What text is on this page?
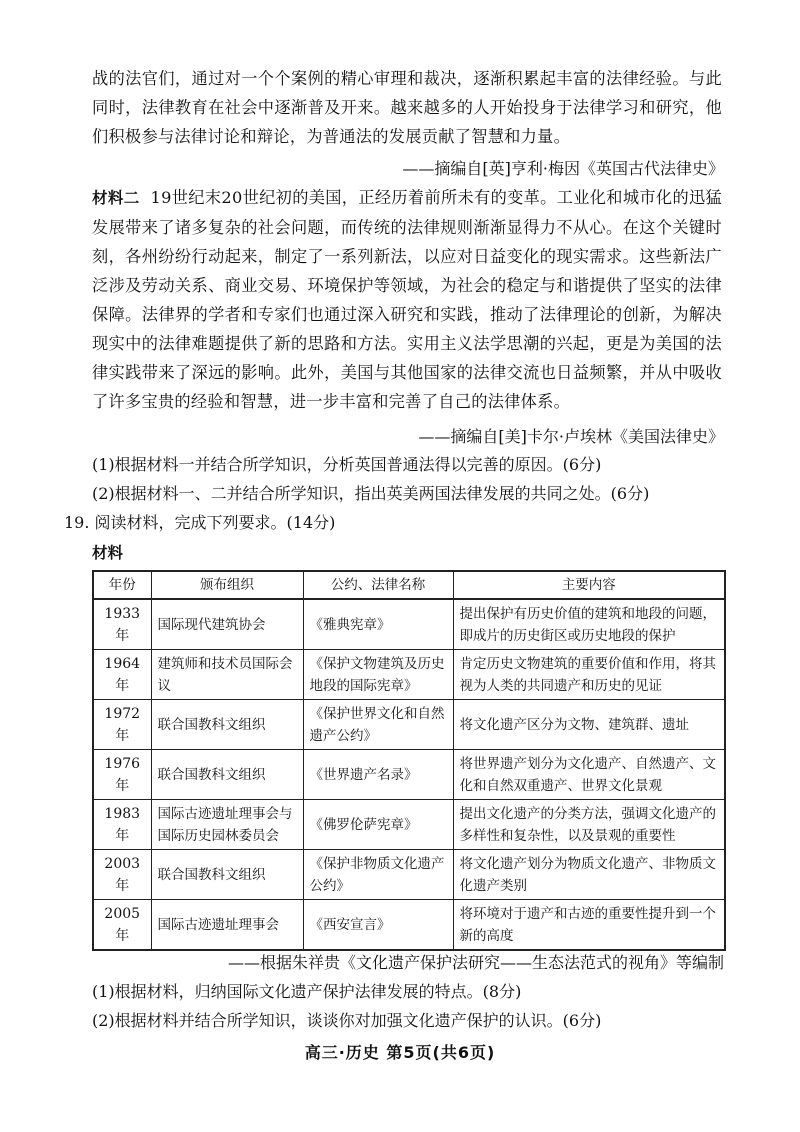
战的法官们，通过对一个个案例的精心审理和裁决，逐渐积累起丰富的法律经验。与此同时，法律教育在社会中逐渐普及开来。越来越多的人开始投身于法律学习和研究，他们积极参与法律讨论和辩论，为普通法的发展贡献了智慧和力量。
——摘编自[英]亨利·梅因《英国古代法律史》
材料二 19世纪末20世纪初的美国，正经历着前所未有的变革。工业化和城市化的迅猛发展带来了诸多复杂的社会问题，而传统的法律规则渐渐显得力不从心。在这个关键时刻，各州纷纷行动起来，制定了一系列新法，以应对日益变化的现实需求。这些新法广泛涉及劳动关系、商业交易、环境保护等领域，为社会的稳定与和谐提供了坚实的法律保障。法律界的学者和专家们也通过深入研究和实践，推动了法律理论的创新，为解决现实中的法律难题提供了新的思路和方法。实用主义法学思潮的兴起，更是为美国的法律实践带来了深远的影响。此外，美国与其他国家的法律交流也日益频繁，并从中吸收了许多宝贵的经验和智慧，进一步丰富和完善了自己的法律体系。
——摘编自[美]卡尔·卢埃林《美国法律史》
(1)根据材料一并结合所学知识，分析英国普通法得以完善的原因。(6分)
(2)根据材料一、二并结合所学知识，指出英美两国法律发展的共同之处。(6分)
19. 阅读材料，完成下列要求。(14分)
材料
年份	颁布组织	公约、法律名称	主要内容
1933年	国际现代建筑协会	《雅典宪章》	提出保护有历史价值的建筑和地段的问题，即成片的历史街区或历史地段的保护
1964年	建筑师和技术员国际会议	《保护文物建筑及历史地段的国际宪章》	肯定历史文物建筑的重要价值和作用，将其视为人类的共同遗产和历史的见证
1972年	联合国教科文组织	《保护世界文化和自然遗产公约》	将文化遗产区分为文物、建筑群、遗址
1976年	联合国教科文组织	《世界遗产名录》	将世界遗产划分为文化遗产、自然遗产、文化和自然双重遗产、世界文化景观
1983年	国际古迹遗址理事会与国际历史园林委员会	《佛罗伦萨宪章》	提出文化遗产的分类方法，强调文化遗产的多样性和复杂性，以及景观的重要性
2003年	联合国教科文组织	《保护非物质文化遗产公约》	将文化遗产划分为物质文化遗产、非物质文化遗产类别
2005年	国际古迹遗址理事会	《西安宣言》	将环境对于遗产和古迹的重要性提升到一个新的高度
——根据朱祥贵《文化遗产保护法研究——生态法范式的视角》等编制
(1)根据材料，归纳国际文化遗产保护法律发展的特点。(8分)
(2)根据材料并结合所学知识，谈谈你对加强文化遗产保护的认识。(6分)
高三·历史 第5页(共6页)
